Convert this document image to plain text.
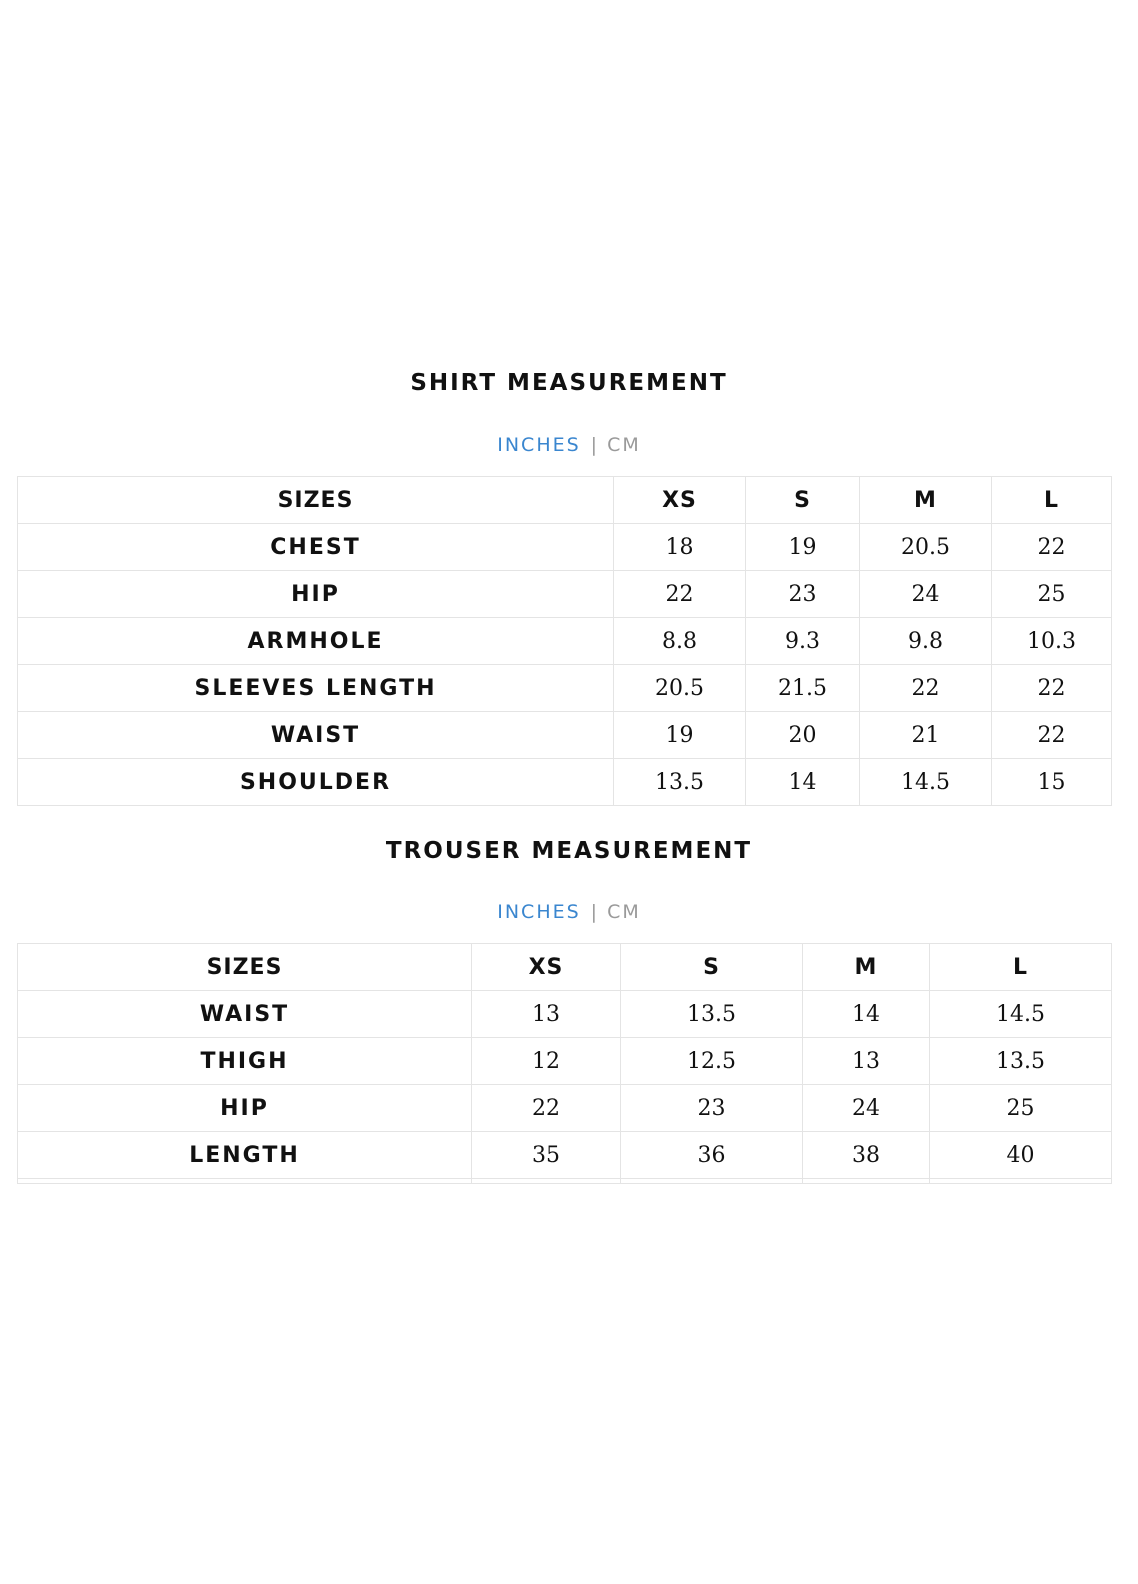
SHIRT MEASUREMENT
INCHES | CM
SIZES	XS	S	M	L
CHEST	18	19	20.5	22
HIP	22	23	24	25
ARMHOLE	8.8	9.3	9.8	10.3
SLEEVES LENGTH	20.5	21.5	22	22
WAIST	19	20	21	22
SHOULDER	13.5	14	14.5	15
TROUSER MEASUREMENT
INCHES | CM
SIZES	XS	S	M	L
WAIST	13	13.5	14	14.5
THIGH	12	12.5	13	13.5
HIP	22	23	24	25
LENGTH	35	36	38	40
